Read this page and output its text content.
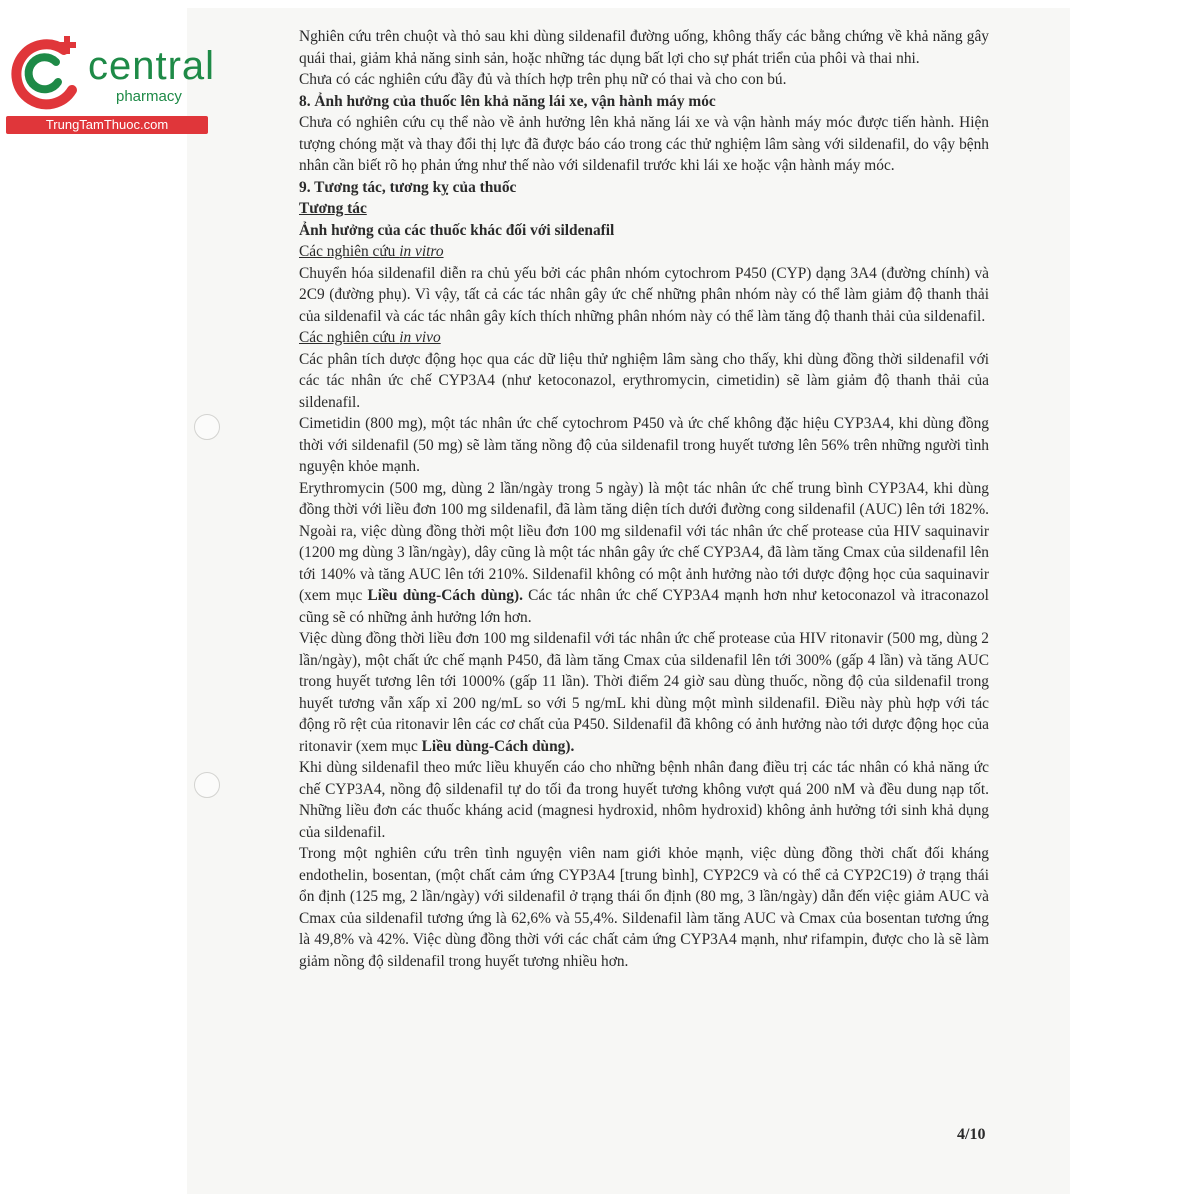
central
pharmacy
TrungTamThuoc.com

Nghiên cứu trên chuột và thỏ sau khi dùng sildenafil đường uống, không thấy các bằng chứng về khả năng gây quái thai, giảm khả năng sinh sản, hoặc những tác dụng bất lợi cho sự phát triển của phôi và thai nhi.

Chưa có các nghiên cứu đầy đủ và thích hợp trên phụ nữ có thai và cho con bú.

8. Ảnh hưởng của thuốc lên khả năng lái xe, vận hành máy móc

Chưa có nghiên cứu cụ thể nào về ảnh hưởng lên khả năng lái xe và vận hành máy móc được tiến hành. Hiện tượng chóng mặt và thay đổi thị lực đã được báo cáo trong các thử nghiệm lâm sàng với sildenafil, do vậy bệnh nhân cần biết rõ họ phản ứng như thế nào với sildenafil trước khi lái xe hoặc vận hành máy móc.

9. Tương tác, tương kỵ của thuốc

Tương tác

Ảnh hưởng của các thuốc khác đối với sildenafil

Các nghiên cứu in vitro

Chuyển hóa sildenafil diễn ra chủ yếu bởi các phân nhóm cytochrom P450 (CYP) dạng 3A4 (đường chính) và 2C9 (đường phụ). Vì vậy, tất cả các tác nhân gây ức chế những phân nhóm này có thể làm giảm độ thanh thải của sildenafil và các tác nhân gây kích thích những phân nhóm này có thể làm tăng độ thanh thải của sildenafil.

Các nghiên cứu in vivo

Các phân tích dược động học qua các dữ liệu thử nghiệm lâm sàng cho thấy, khi dùng đồng thời sildenafil với các tác nhân ức chế CYP3A4 (như ketoconazol, erythromycin, cimetidin) sẽ làm giảm độ thanh thải của sildenafil.

Cimetidin (800 mg), một tác nhân ức chế cytochrom P450 và ức chế không đặc hiệu CYP3A4, khi dùng đồng thời với sildenafil (50 mg) sẽ làm tăng nồng độ của sildenafil trong huyết tương lên 56% trên những người tình nguyện khỏe mạnh.

Erythromycin (500 mg, dùng 2 lần/ngày trong 5 ngày) là một tác nhân ức chế trung bình CYP3A4, khi dùng đồng thời với liều đơn 100 mg sildenafil, đã làm tăng diện tích dưới đường cong sildenafil (AUC) lên tới 182%. Ngoài ra, việc dùng đồng thời một liều đơn 100 mg sildenafil với tác nhân ức chế protease của HIV saquinavir (1200 mg dùng 3 lần/ngày), dây cũng là một tác nhân gây ức chế CYP3A4, đã làm tăng Cmax của sildenafil lên tới 140% và tăng AUC lên tới 210%. Sildenafil không có một ảnh hưởng nào tới dược động học của saquinavir (xem mục Liều dùng-Cách dùng). Các tác nhân ức chế CYP3A4 mạnh hơn như ketoconazol và itraconazol cũng sẽ có những ảnh hưởng lớn hơn.

Việc dùng đồng thời liều đơn 100 mg sildenafil với tác nhân ức chế protease của HIV ritonavir (500 mg, dùng 2 lần/ngày), một chất ức chế mạnh P450, đã làm tăng Cmax của sildenafil lên tới 300% (gấp 4 lần) và tăng AUC trong huyết tương lên tới 1000% (gấp 11 lần). Thời điểm 24 giờ sau dùng thuốc, nồng độ của sildenafil trong huyết tương vẫn xấp xỉ 200 ng/mL so với 5 ng/mL khi dùng một mình sildenafil. Điều này phù hợp với tác động rõ rệt của ritonavir lên các cơ chất của P450. Sildenafil đã không có ảnh hưởng nào tới dược động học của ritonavir (xem mục Liều dùng-Cách dùng).

Khi dùng sildenafil theo mức liều khuyến cáo cho những bệnh nhân đang điều trị các tác nhân có khả năng ức chế CYP3A4, nồng độ sildenafil tự do tối đa trong huyết tương không vượt quá 200 nM và đều dung nạp tốt. Những liều đơn các thuốc kháng acid (magnesi hydroxid, nhôm hydroxid) không ảnh hưởng tới sinh khả dụng của sildenafil.

Trong một nghiên cứu trên tình nguyện viên nam giới khỏe mạnh, việc dùng đồng thời chất đối kháng endothelin, bosentan, (một chất cảm ứng CYP3A4 [trung bình], CYP2C9 và có thể cả CYP2C19) ở trạng thái ổn định (125 mg, 2 lần/ngày) với sildenafil ở trạng thái ổn định (80 mg, 3 lần/ngày) dẫn đến việc giảm AUC và Cmax của sildenafil tương ứng là 62,6% và 55,4%. Sildenafil làm tăng AUC và Cmax của bosentan tương ứng là 49,8% và 42%. Việc dùng đồng thời với các chất cảm ứng CYP3A4 mạnh, như rifampin, được cho là sẽ làm giảm nồng độ sildenafil trong huyết tương nhiều hơn.

4/10
